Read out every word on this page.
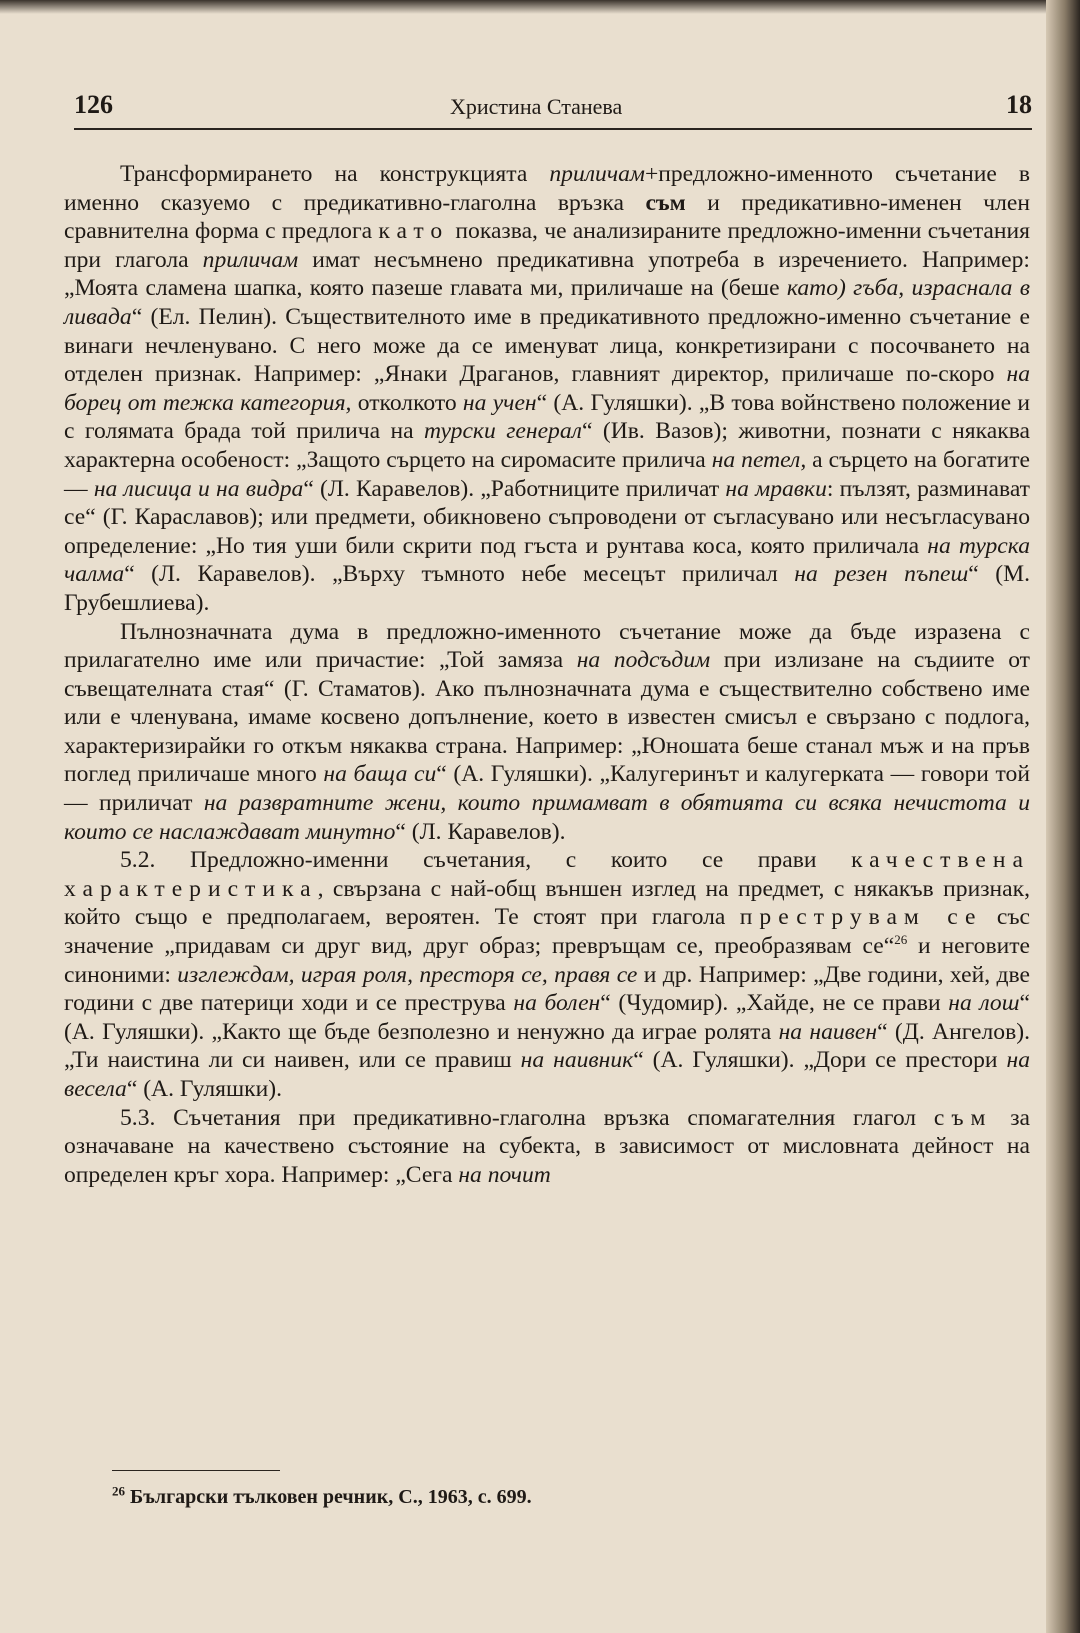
126	Христина Станева	18

Трансформирането на конструкцията приличам+предложно-именното съчетание в именно сказуемо с предикативно-глаголна връзка съм и предикативно-именен член сравнителна форма с предлога като показва, че анализираните предложно-именни съчетания при глагола приличам имат несъмнено предикативна употреба в изречението. Например: „Моята сламена шапка, която пазеше главата ми, приличаше на (беше като) гъба, израснала в ливада“ (Ел. Пелин). Съществителното име в предикативното предложно-именно съчетание е винаги нечленувано. С него може да се именуват лица, конкретизирани с посочването на отделен признак. Например: „Янаки Драганов, главният директор, приличаше по-скоро на борец от тежка категория, отколкото на учен“ (А. Гуляшки). „В това войнствено положение и с голямата брада той прилича на турски генерал“ (Ив. Вазов); животни, познати с някаква характерна особеност: „Защото сърцето на сиромасите прилича на петел, а сърцето на богатите — на лисица и на видра“ (Л. Каравелов). „Работниците приличат на мравки: пълзят, разминават се“ (Г. Караславов); или предмети, обикновено съпроводени от съгласувано или несъгласувано определение: „Но тия уши били скрити под гъста и рунтава коса, която приличала на турска чалма“ (Л. Каравелов). „Върху тъмното небе месецът приличал на резен пъпеш“ (М. Грубешлиева).

Пълнозначната дума в предложно-именното съчетание може да бъде изразена с прилагателно име или причастие: „Той замяза на подсъдим при излизане на съдиите от съвещателната стая“ (Г. Стаматов). Ако пълнозначната дума е съществително собствено име или е членувана, имаме косвено допълнение, което в известен смисъл е свързано с подлога, характеризирайки го откъм някаква страна. Например: „Юношата беше станал мъж и на пръв поглед приличаше много на баща си“ (А. Гуляшки). „Калугеринът и калугерката — говори той — приличат на развратните жени, които примамват в обятията си всяка нечистота и които се наслаждават минутно“ (Л. Каравелов).

5.2. Предложно-именни съчетания, с които се прави качествена характеристика, свързана с най-общ външен изглед на предмет, с някакъв признак, който също е предполагаем, вероятен. Те стоят при глагола преструвам се със значение „придавам си друг вид, друг образ; превръщам се, преобразявам се“$^{26}$ и неговите синоними: изглеждам, играя роля, престоря се, правя се и др. Например: „Две години, хей, две години с две патерици ходи и се преструва на болен“ (Чудомир). „Хайде, не се прави на лош“ (А. Гуляшки). „Както ще бъде безполезно и ненужно да играе ролята на наивен“ (Д. Ангелов). „Ти наистина ли си наивен, или се правиш на наивник“ (А. Гуляшки). „Дори се престори на весела“ (А. Гуляшки).

5.3. Съчетания при предикативно-глаголна връзка спомагателния глагол съм за означаване на качествено състояние на субекта, в зависимост от мисловната дейност на определен кръг хора. Например: „Сега на почит

$^{26}$ Български тълковен речник, С., 1963, с. 699.
